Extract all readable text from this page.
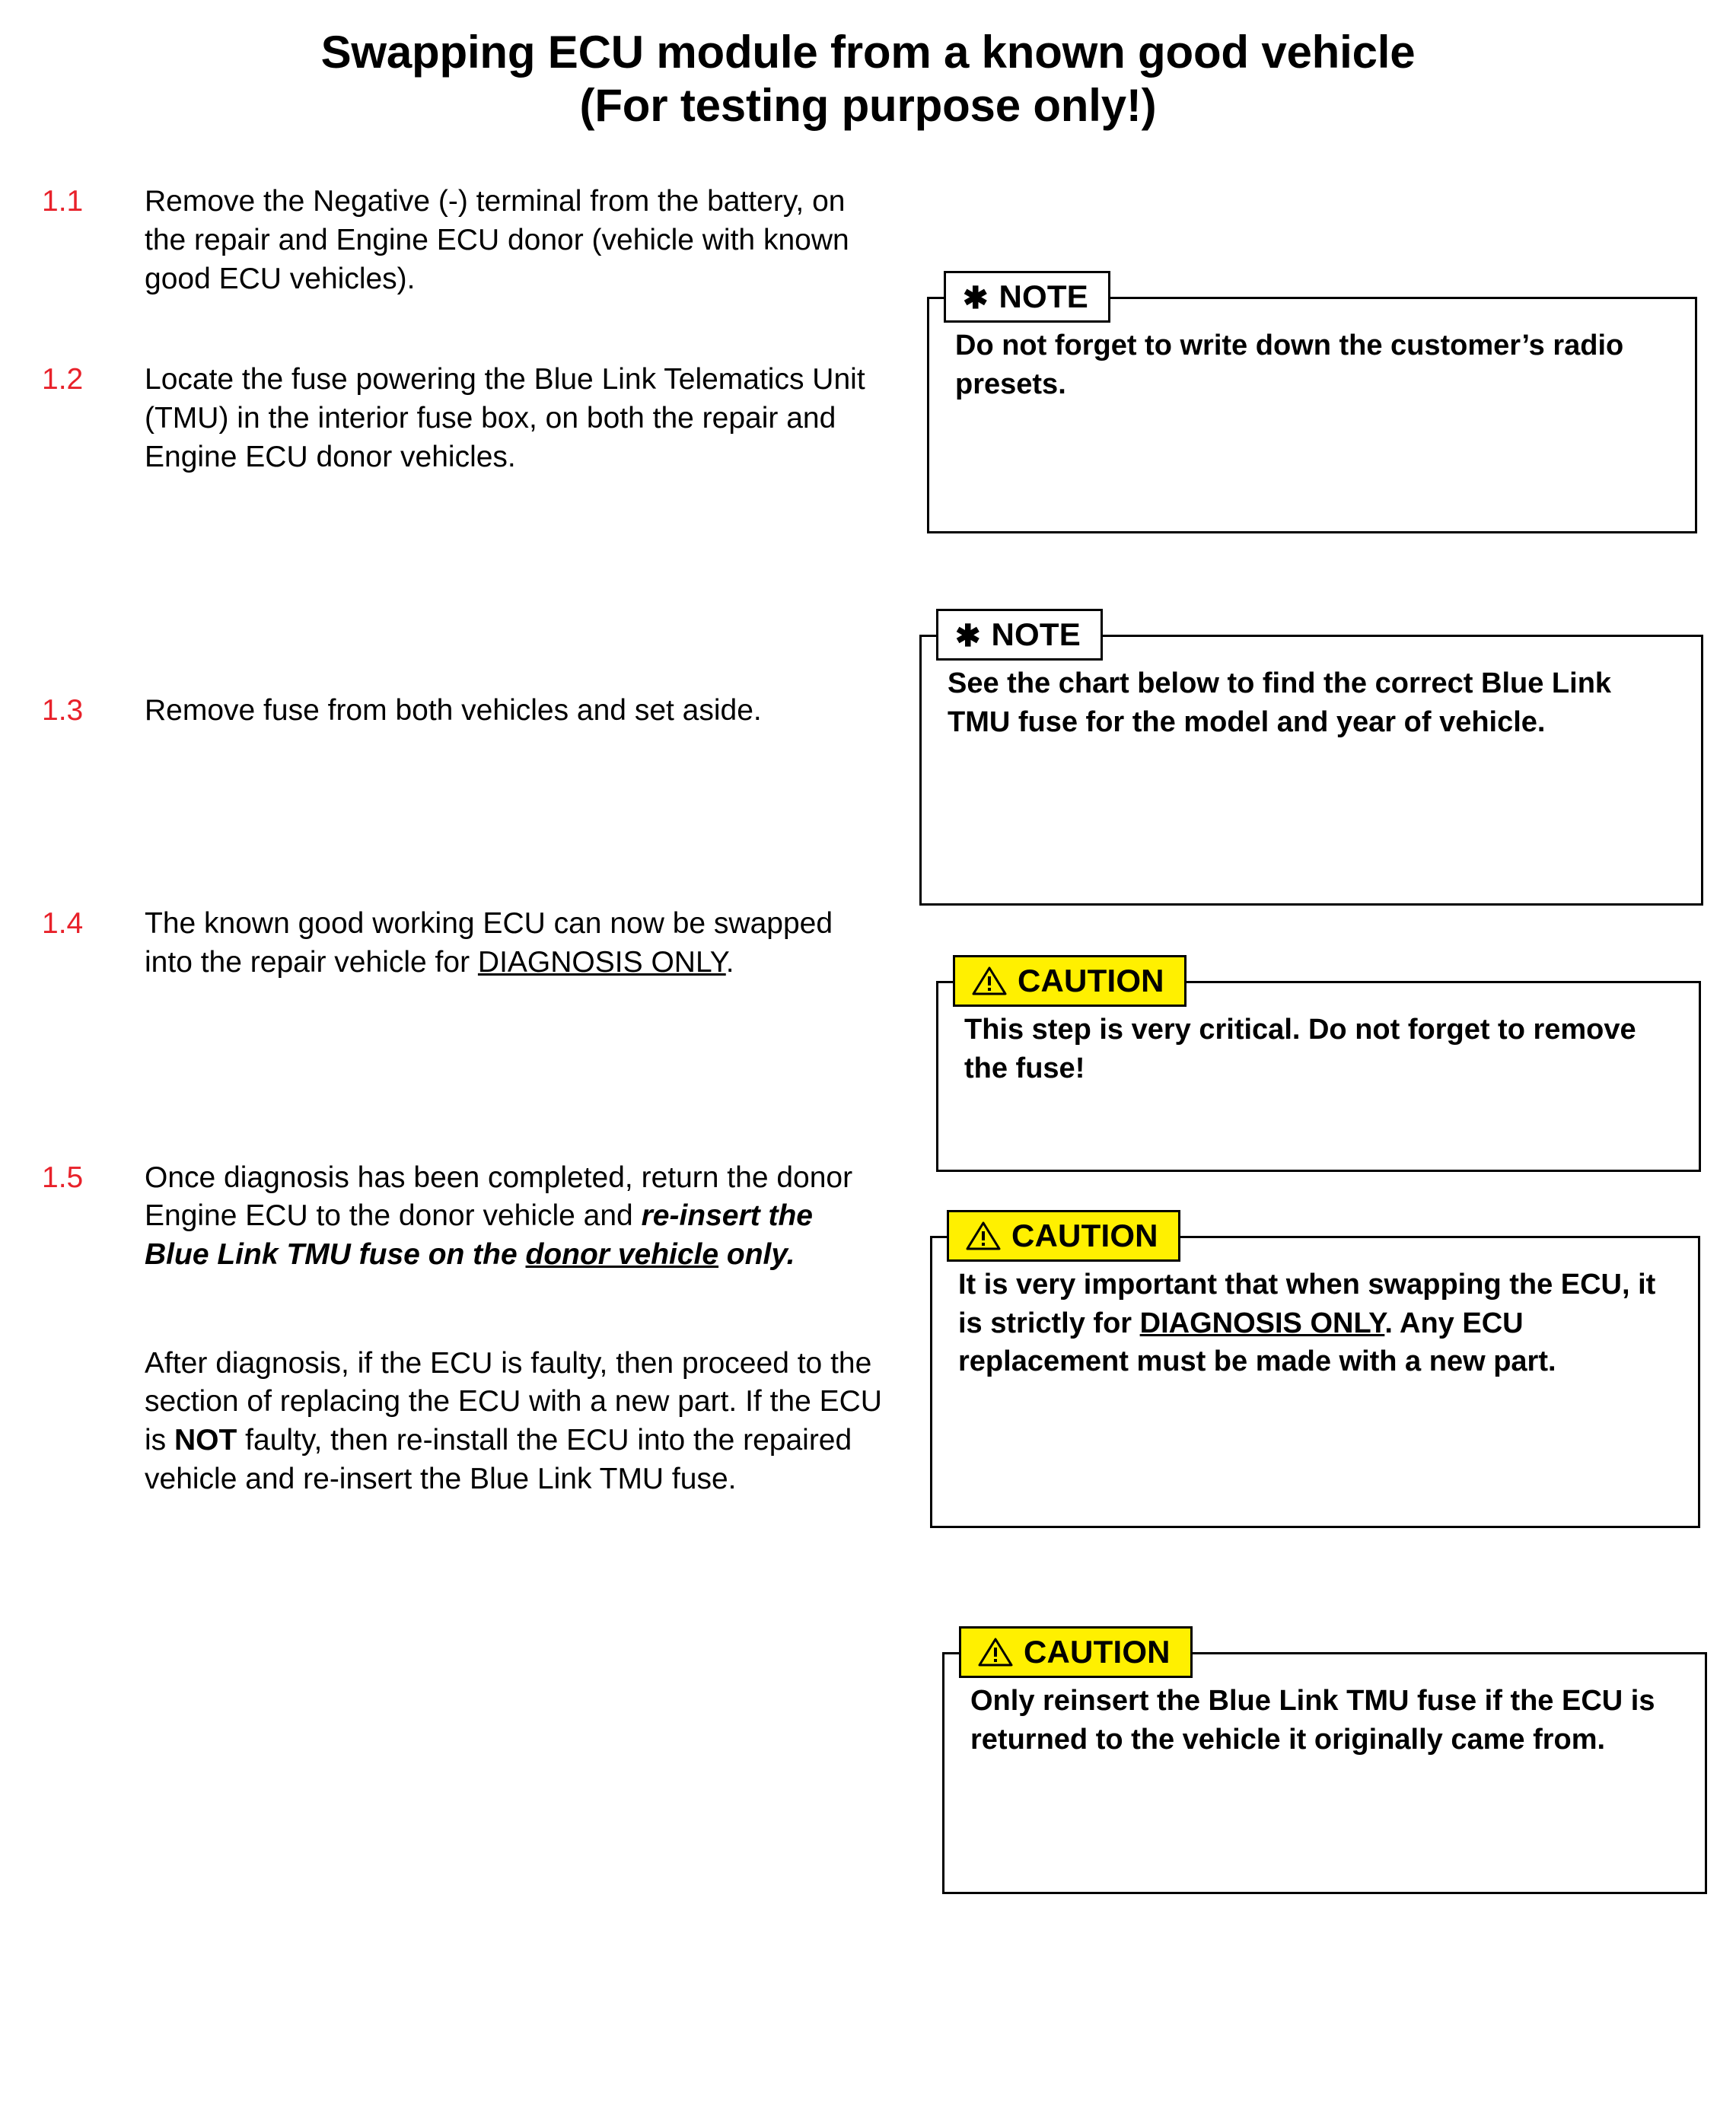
Swapping ECU module from a known good vehicle
(For testing purpose only!)
1.1	Remove the Negative (-) terminal from the battery, on the repair and Engine ECU donor (vehicle with known good ECU vehicles).

1.2	Locate the fuse powering the Blue Link Telematics Unit (TMU) in the interior fuse box, on both the repair and Engine ECU donor vehicles.

1.3	Remove fuse from both vehicles and set aside.

1.4	The known good working ECU can now be swapped into the repair vehicle for DIAGNOSIS ONLY.

1.5	Once diagnosis has been completed, return the donor Engine ECU to the donor vehicle and re-insert the Blue Link TMU fuse on the donor vehicle only.

After diagnosis, if the ECU is faulty, then proceed to the section of replacing the ECU with a new part. If the ECU is NOT faulty, then re-install the ECU into the repaired vehicle and re-insert the Blue Link TMU fuse.

Do not forget to write down the customer’s radio presets.
✱ NOTE
See the chart below to find the correct Blue Link TMU fuse for the model and year of vehicle.
✱ NOTE
This step is very critical. Do not forget to remove the fuse!
CAUTION
It is very important that when swapping the ECU, it is strictly for DIAGNOSIS ONLY. Any ECU replacement must be made with a new part.
CAUTION
Only reinsert the Blue Link TMU fuse if the ECU is returned to the vehicle it originally came from.
CAUTION
